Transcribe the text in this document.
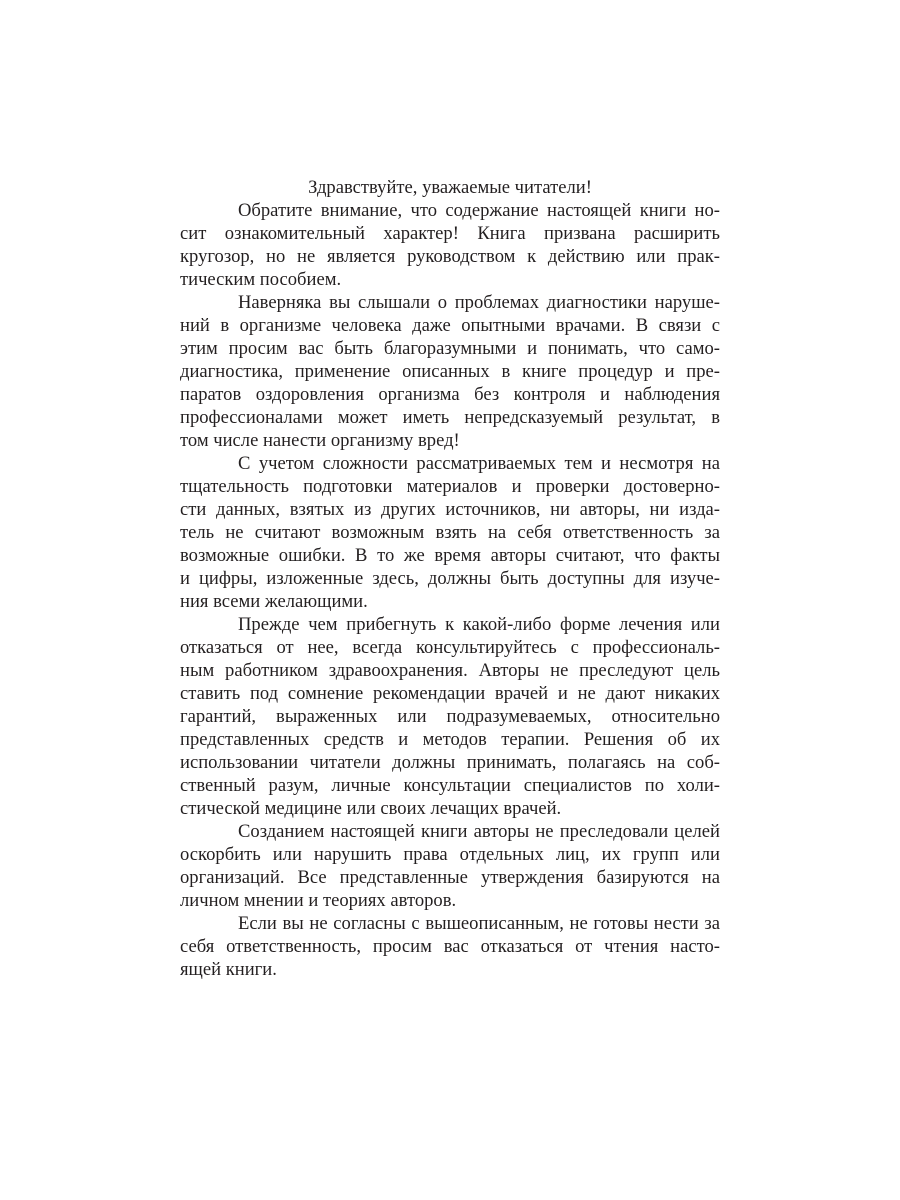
Здравствуйте, уважаемые читатели!
Обратите внимание, что содержание настоящей книги но-
сит ознакомительный характер! Книга призвана расширить
кругозор, но не является руководством к действию или прак-
тическим пособием.
Наверняка вы слышали о проблемах диагностики наруше-
ний в организме человека даже опытными врачами. В связи с
этим просим вас быть благоразумными и понимать, что само-
диагностика, применение описанных в книге процедур и пре-
паратов оздоровления организма без контроля и наблюдения
профессионалами может иметь непредсказуемый результат, в
том числе нанести организму вред!
С учетом сложности рассматриваемых тем и несмотря на
тщательность подготовки материалов и проверки достоверно-
сти данных, взятых из других источников, ни авторы, ни изда-
тель не считают возможным взять на себя ответственность за
возможные ошибки. В то же время авторы считают, что факты
и цифры, изложенные здесь, должны быть доступны для изуче-
ния всеми желающими.
Прежде чем прибегнуть к какой-либо форме лечения или
отказаться от нее, всегда консультируйтесь с профессиональ-
ным работником здравоохранения. Авторы не преследуют цель
ставить под сомнение рекомендации врачей и не дают никаких
гарантий, выраженных или подразумеваемых, относительно
представленных средств и методов терапии. Решения об их
использовании читатели должны принимать, полагаясь на соб-
ственный разум, личные консультации специалистов по холи-
стической медицине или своих лечащих врачей.
Созданием настоящей книги авторы не преследовали целей
оскорбить или нарушить права отдельных лиц, их групп или
организаций. Все представленные утверждения базируются на
личном мнении и теориях авторов.
Если вы не согласны с вышеописанным, не готовы нести за
себя ответственность, просим вас отказаться от чтения насто-
ящей книги.
